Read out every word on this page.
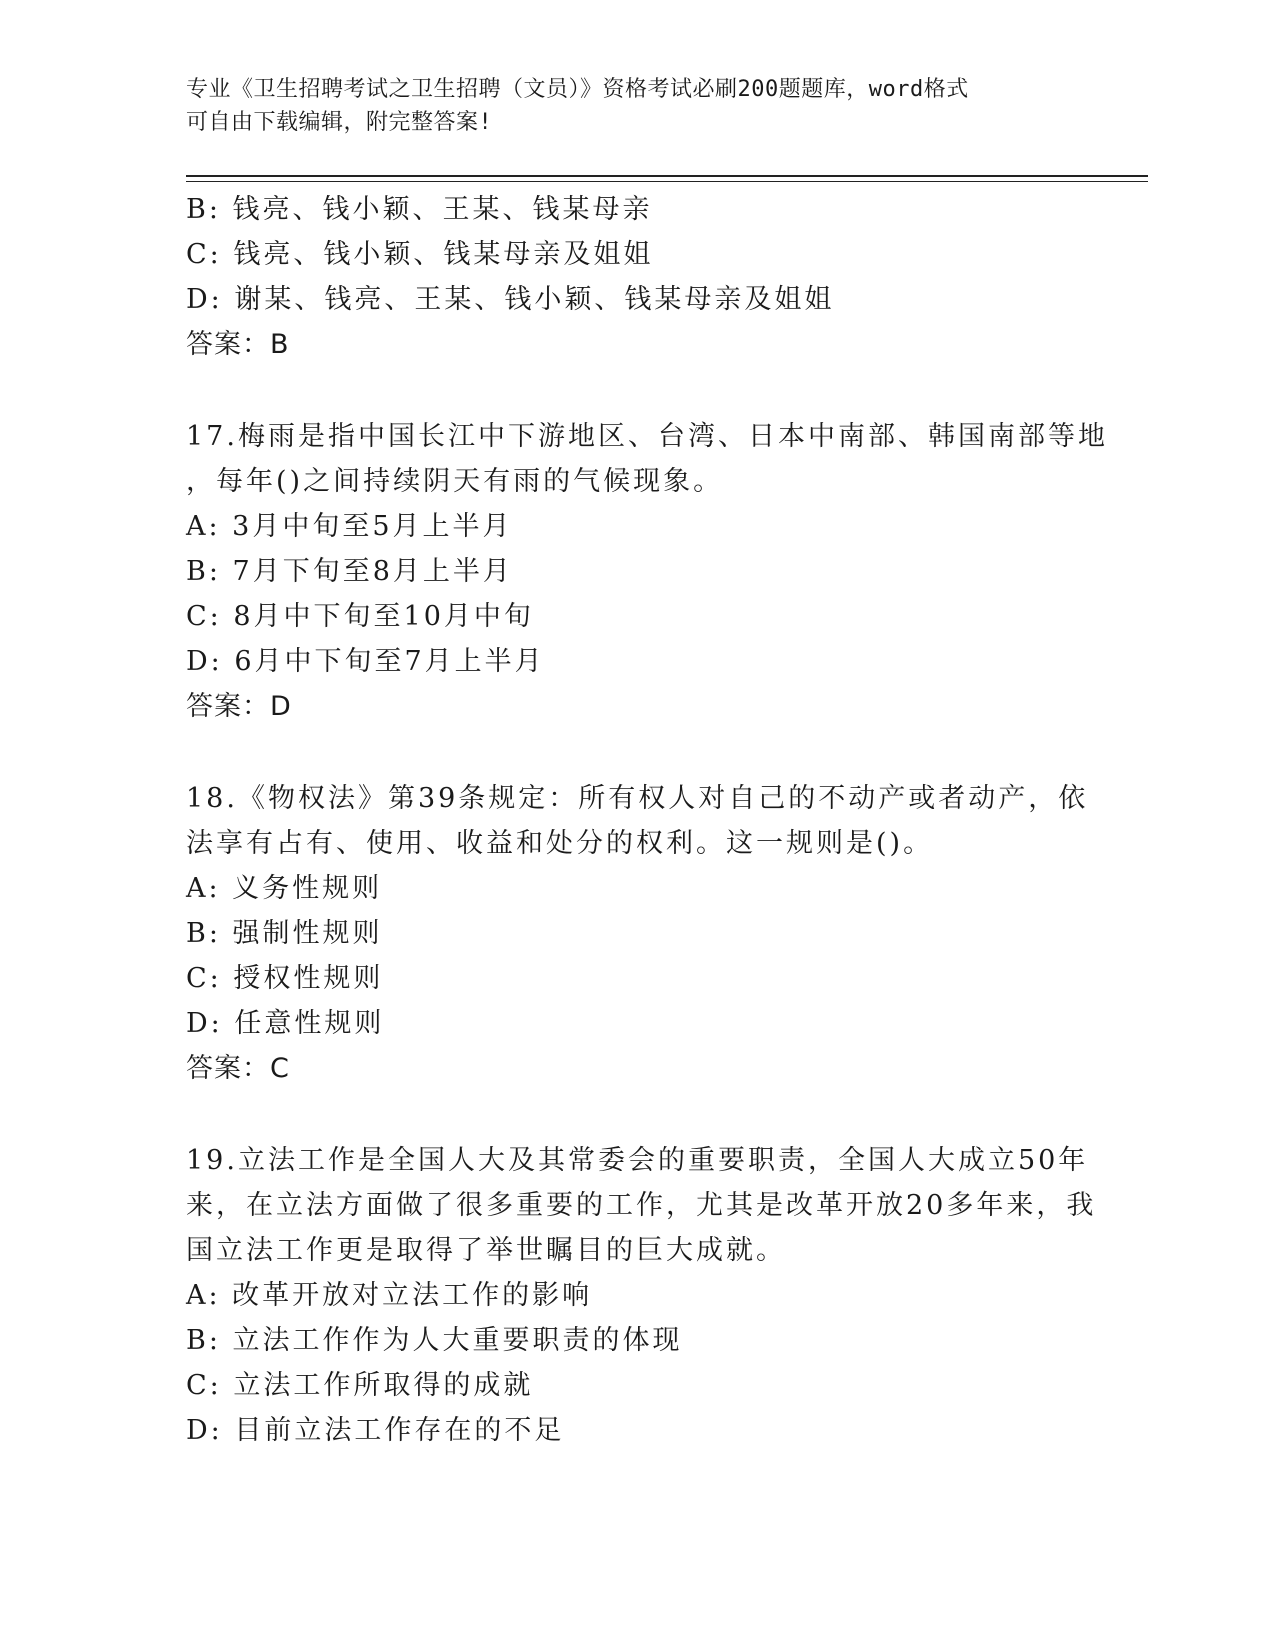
专业《卫生招聘考试之卫生招聘（文员）》资格考试必刷200题题库，word格式

可自由下载编辑，附完整答案!

B: 钱亮、钱小颖、王某、钱某母亲

C: 钱亮、钱小颖、钱某母亲及姐姐

D: 谢某、钱亮、王某、钱小颖、钱某母亲及姐姐

答案：B

17.梅雨是指中国长江中下游地区、台湾、日本中南部、韩国南部等地

，每年()之间持续阴天有雨的气候现象。

A: 3月中旬至5月上半月

B: 7月下旬至8月上半月

C: 8月中下旬至10月中旬

D: 6月中下旬至7月上半月

答案：D

18.《物权法》第39条规定：所有权人对自己的不动产或者动产，依

法享有占有、使用、收益和处分的权利。这一规则是()。

A: 义务性规则

B: 强制性规则

C: 授权性规则

D: 任意性规则

答案：C

19.立法工作是全国人大及其常委会的重要职责，全国人大成立50年

来，在立法方面做了很多重要的工作，尤其是改革开放20多年来，我

国立法工作更是取得了举世瞩目的巨大成就。

A: 改革开放对立法工作的影响

B: 立法工作作为人大重要职责的体现

C: 立法工作所取得的成就

D: 目前立法工作存在的不足
